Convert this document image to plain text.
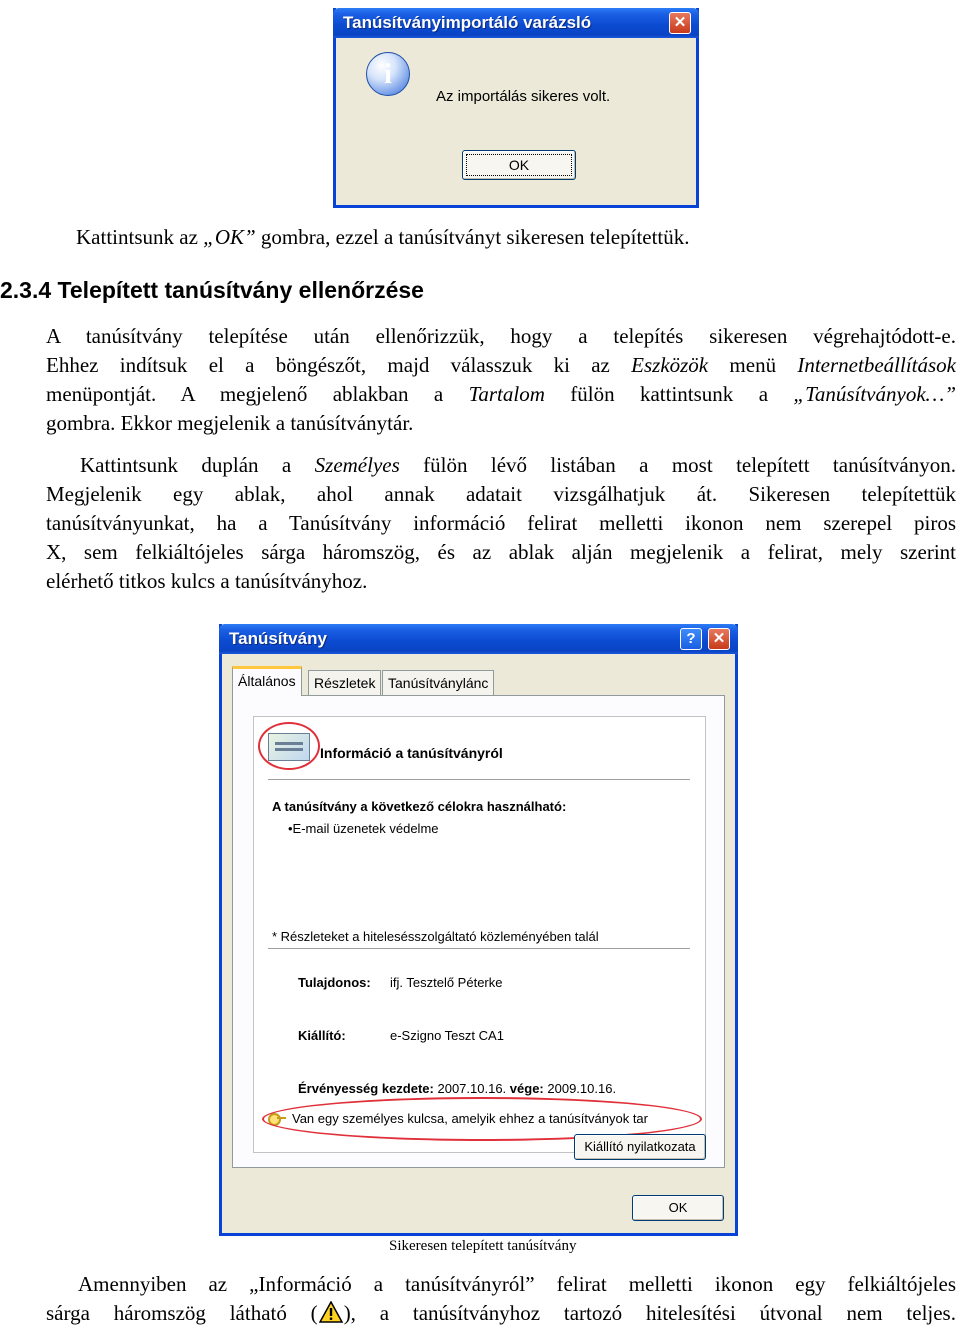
Tanúsítványimportáló varázsló	✕
i
Az importálás sikeres volt.
OK
Kattintsunk az „OK” gombra, ezzel a tanúsítványt sikeresen telepítettük.
2.3.4 Telepített tanúsítvány ellenőrzése
A tanúsítvány telepítése után ellenőrizzük, hogy a telepítés sikeresen végrehajtódott-e.
Ehhez indítsuk el a böngészőt, majd válasszuk ki az Eszközök menü Internetbeállítások
menüpontját. A megjelenő ablakban a Tartalom fülön kattintsunk a „Tanúsítványok…”
gombra. Ekkor megjelenik a tanúsítványtár.
Kattintsunk duplán a Személyes fülön lévő listában a most telepített tanúsítványon.
Megjelenik egy ablak, ahol annak adatait vizsgálhatjuk át. Sikeresen telepítettük
tanúsítványunkat, ha a Tanúsítvány információ felirat melletti ikonon nem szerepel piros
X, sem felkiáltójeles sárga háromszög, és az ablak alján megjelenik a felirat, mely szerint
elérhető titkos kulcs a tanúsítványhoz.
Tanúsítvány	?	✕
Általános	Részletek Tanúsítványlánc
Információ a tanúsítványról
A tanúsítvány a következő célokra használható:
•E-mail üzenetek védelme
* Részleteket a hitelesésszolgáltató közleményében talál
Tulajdonos: ifj. Tesztelő Péterke
Kiállító:	e-Szigno Teszt CA1
Érvényesség kezdete: 2007.10.16. vége: 2009.10.16.
Van egy személyes kulcsa, amelyik ehhez a tanúsítványok tar
Kiállító nyilatkozata
OK
Sikeresen telepített tanúsítvány
Amennyiben az „Információ a tanúsítványról” felirat melletti ikonon egy felkiáltójeles
sárga háromszög látható ( ), a tanúsítványhoz tartozó hitelesítési útvonal nem teljes.
